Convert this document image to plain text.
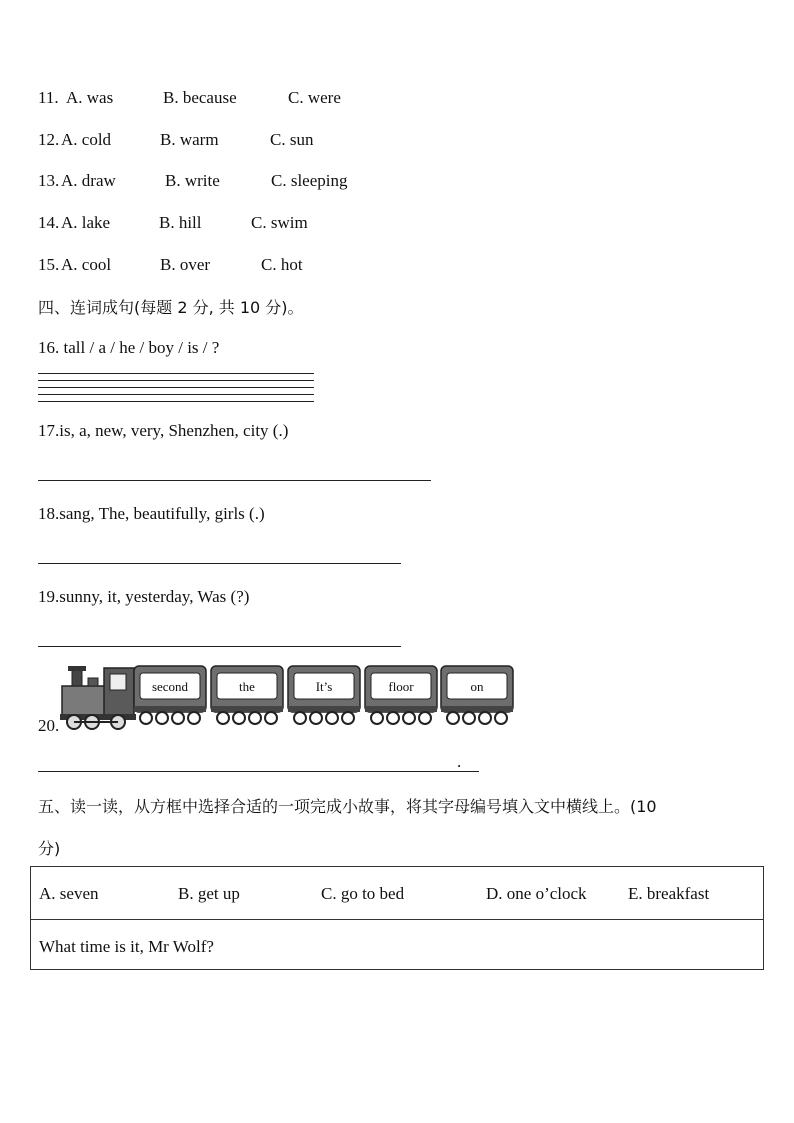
11. A. was	B. because	C. were
12. A. cold	B. warm	C. sun
13. A. draw	B. write	C. sleeping
14. A. lake	B. hill	C. swim
15. A. cool	B. over	C. hot
四、连词成句(每题 2 分, 共 10 分)。
16. tall / a / he / boy / is / ?
17.is, a, new, very, Shenzhen, city (.)
18.sang, The, beautifully, girls (.)
19.sunny, it, yesterday, Was (?)
20.
second	the	It’s	floor	on
.
五、读一读，从方框中选择合适的一项完成小故事，将其字母编号填入文中横线上。(10
分)
A. seven	B. get up	C. go to bed	D. one o’clock E. breakfast
What time is it, Mr Wolf?
